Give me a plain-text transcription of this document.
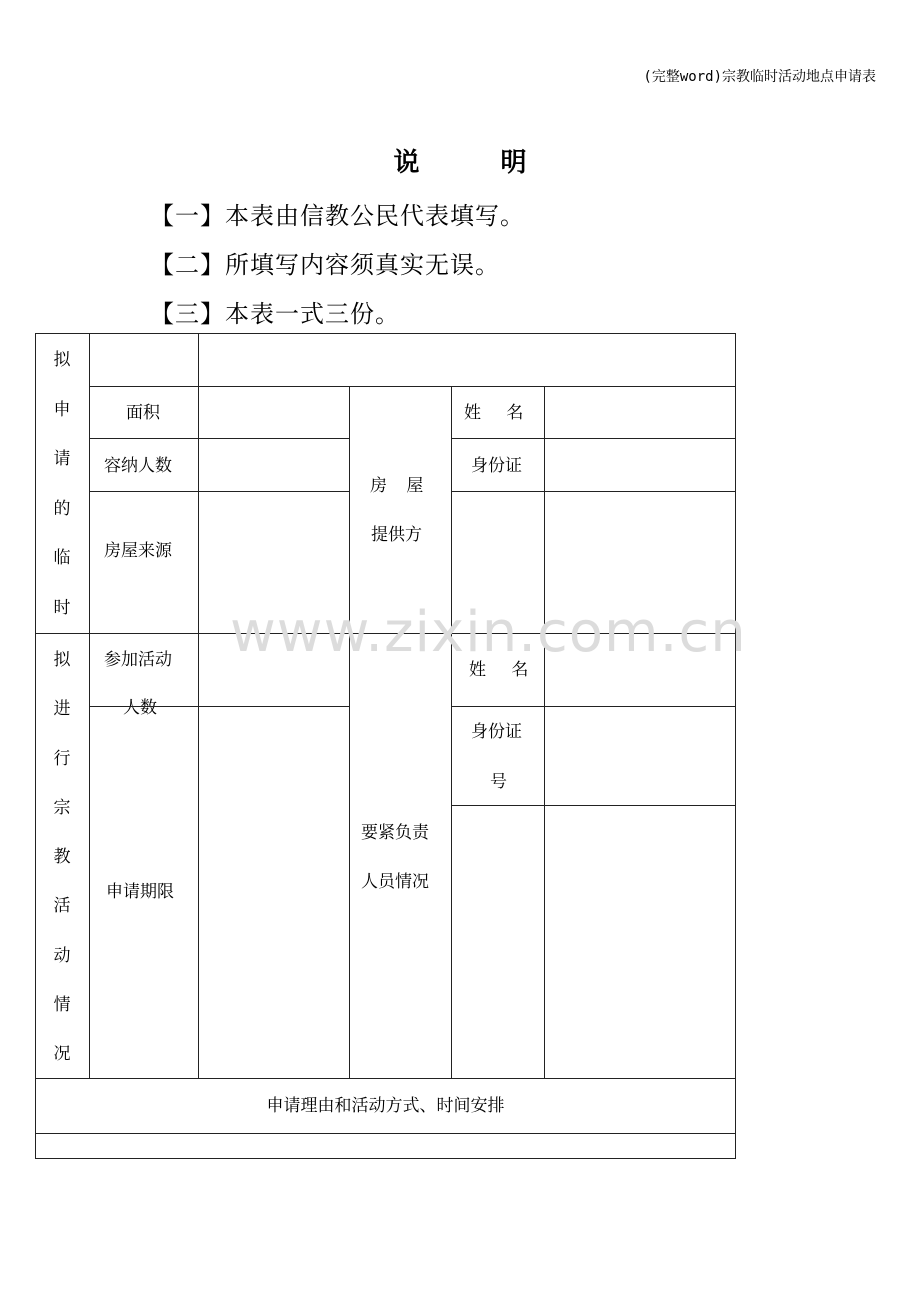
(完整word)宗教临时活动地点申请表
说 明
【一】本表由信教公民代表填写。
【二】所填写内容须真实无误。
【三】本表一式三份。
拟申请的临时
面积
容纳人数
房屋来源
房 屋
提供方
姓 名
身份证
拟进行宗教活动情况
参加活动
人数
申请期限
要紧负责
人员情况
姓 名
身份证
号
申请理由和活动方式、时间安排
www.zixin.com.cn
